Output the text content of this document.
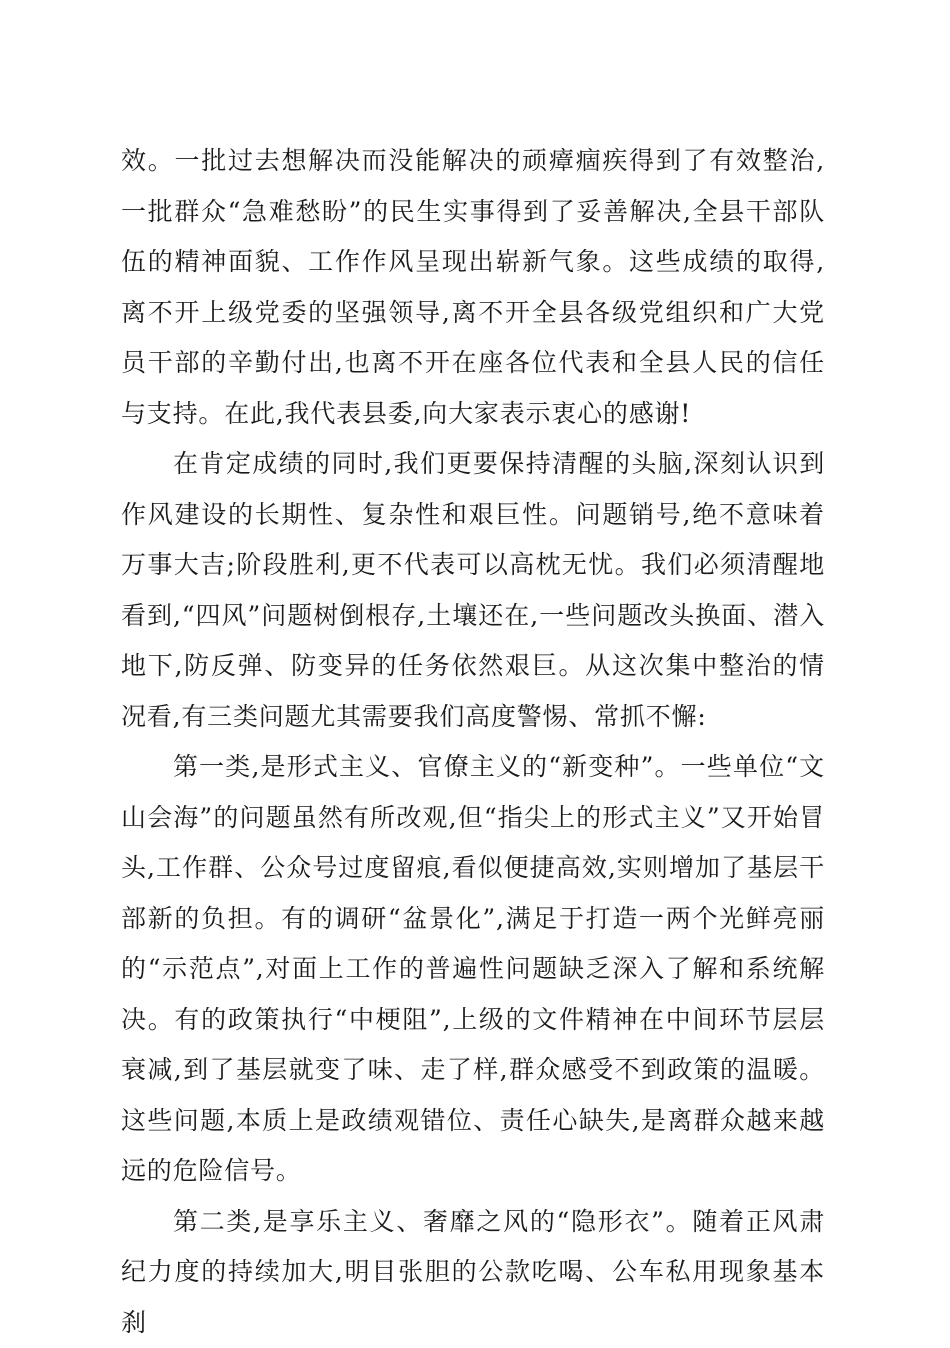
效。一批过去想解决而没能解决的顽瘴痼疾得到了有效整治,一批群众“急难愁盼”的民生实事得到了妥善解决,全县干部队伍的精神面貌、工作作风呈现出崭新气象。这些成绩的取得,离不开上级党委的坚强领导,离不开全县各级党组织和广大党员干部的辛勤付出,也离不开在座各位代表和全县人民的信任与支持。在此,我代表县委,向大家表示衷心的感谢!

在肯定成绩的同时,我们更要保持清醒的头脑,深刻认识到作风建设的长期性、复杂性和艰巨性。问题销号,绝不意味着万事大吉;阶段胜利,更不代表可以高枕无忧。我们必须清醒地看到,“四风”问题树倒根存,土壤还在,一些问题改头换面、潜入地下,防反弹、防变异的任务依然艰巨。从这次集中整治的情况看,有三类问题尤其需要我们高度警惕、常抓不懈:

第一类,是形式主义、官僚主义的“新变种”。一些单位“文山会海”的问题虽然有所改观,但“指尖上的形式主义”又开始冒头,工作群、公众号过度留痕,看似便捷高效,实则增加了基层干部新的负担。有的调研“盆景化”,满足于打造一两个光鲜亮丽的“示范点”,对面上工作的普遍性问题缺乏深入了解和系统解决。有的政策执行“中梗阻”,上级的文件精神在中间环节层层衰减,到了基层就变了味、走了样,群众感受不到政策的温暖。这些问题,本质上是政绩观错位、责任心缺失,是离群众越来越远的危险信号。

第二类,是享乐主义、奢靡之风的“隐形衣”。随着正风肃纪力度的持续加大,明目张胆的公款吃喝、公车私用现象基本刹
